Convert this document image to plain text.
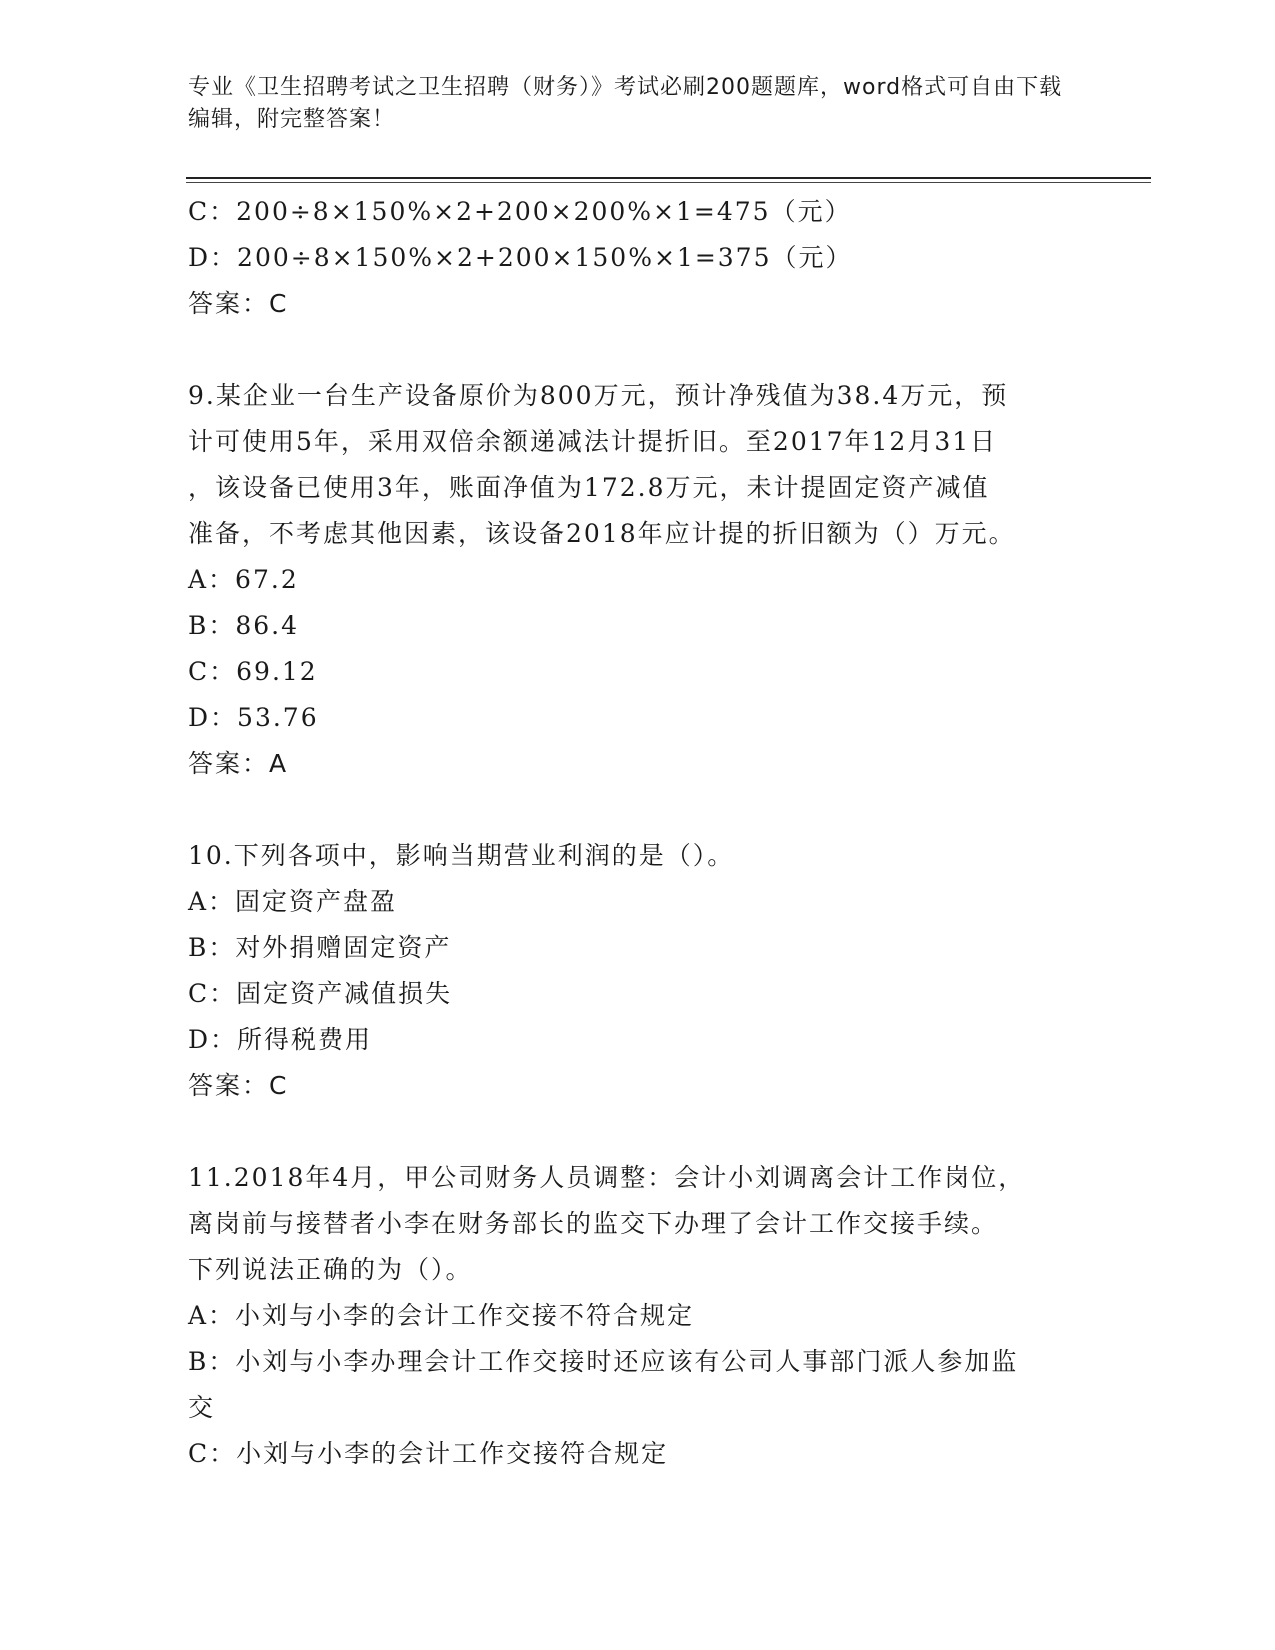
专业《卫生招聘考试之卫生招聘（财务）》考试必刷200题题库，word格式可自由下载编辑，附完整答案！
C：200÷8×150%×2+200×200%×1=475（元）
D：200÷8×150%×2+200×150%×1=375（元）
答案：C
9.某企业一台生产设备原价为800万元，预计净残值为38.4万元，预
计可使用5年，采用双倍余额递减法计提折旧。至2017年12月31日
，该设备已使用3年，账面净值为172.8万元，未计提固定资产减值
准备，不考虑其他因素，该设备2018年应计提的折旧额为（）万元。
A：67.2
B：86.4
C：69.12
D：53.76
答案：A
10.下列各项中，影响当期营业利润的是（）。
A：固定资产盘盈
B：对外捐赠固定资产
C：固定资产减值损失
D：所得税费用
答案：C
11.2018年4月，甲公司财务人员调整：会计小刘调离会计工作岗位，
离岗前与接替者小李在财务部长的监交下办理了会计工作交接手续。
下列说法正确的为（）。
A：小刘与小李的会计工作交接不符合规定
B：小刘与小李办理会计工作交接时还应该有公司人事部门派人参加监
交
C：小刘与小李的会计工作交接符合规定
